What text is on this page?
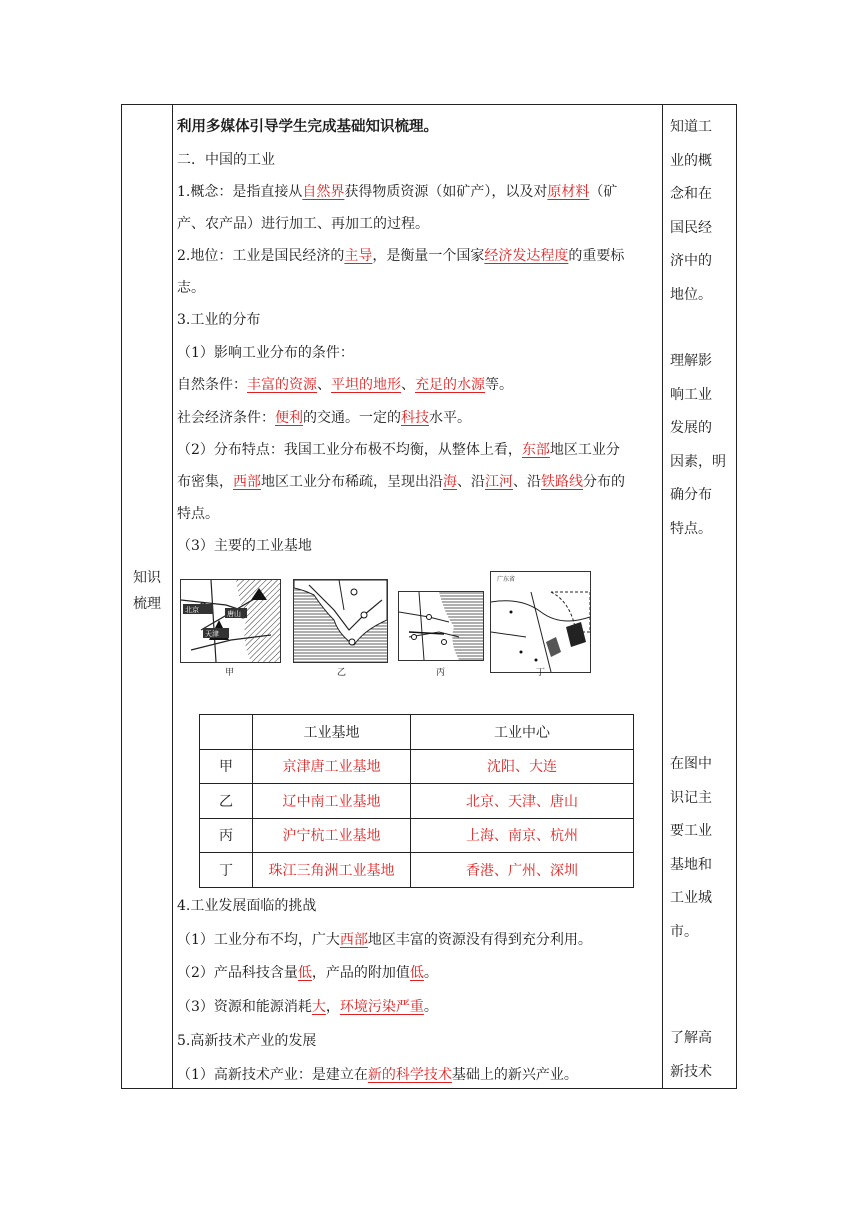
知识
梳理

利用多媒体引导学生完成基础知识梳理。

二．中国的工业

1.概念：是指直接从自然界获得物质资源（如矿产），以及对原材料（矿
产、农产品）进行加工、再加工的过程。

2.地位：工业是国民经济的主导，是衡量一个国家经济发达程度的重要标
志。

3.工业的分布

（1）影响工业分布的条件：

自然条件：丰富的资源、平坦的地形、充足的水源等。

社会经济条件：便利的交通。一定的科技水平。

（2）分布特点：我国工业分布极不均衡，从整体上看，东部地区工业分
布密集，西部地区工业分布稀疏，呈现出沿海、沿江河、沿铁路线分布的
特点。

（3）主要的工业基地

北京	唐山
天津
甲	乙	丙
广东省
丁
	工业基地	工业中心
甲	京津唐工业基地	沈阳、大连
乙	辽中南工业基地	北京、天津、唐山
丙	沪宁杭工业基地	上海、南京、杭州
丁	珠江三角洲工业基地	香港、广州、深圳
4.工业发展面临的挑战
（1）工业分布不均，广大西部地区丰富的资源没有得到充分利用。
（2）产品科技含量低，产品的附加值低。
（3）资源和能源消耗大，环境污染严重。
5.高新技术产业的发展
（1）高新技术产业：是建立在新的科学技术基础上的新兴产业。
知道工
业的概
念和在
国民经
济中的
地位。
理解影
响工业
发展的
因素，明
确分布
特点。
在图中
识记主
要工业
基地和
工业城
市。
了解高
新技术
